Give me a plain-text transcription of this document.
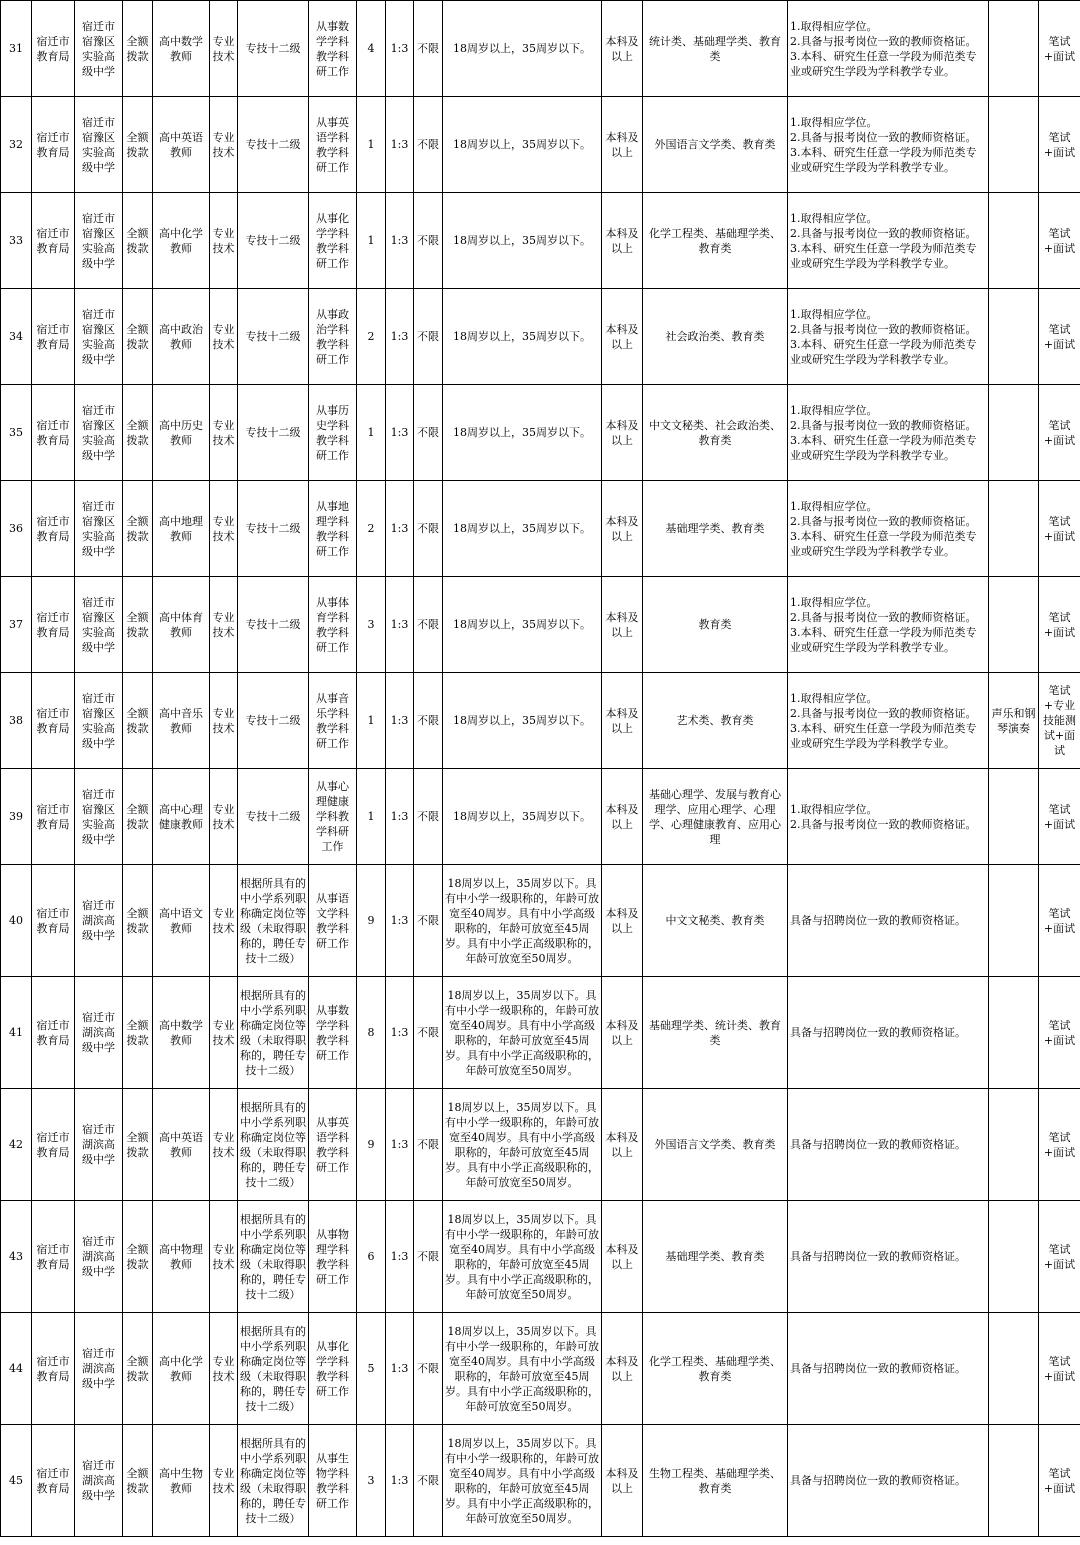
31	宿迁市教育局	宿迁市宿豫区实验高级中学	全额拨款	高中数学教师	专业技术	专技十二级	从事数学学科教学科研工作	4	1:3	不限	18周岁以上，35周岁以下。	本科及以上	统计类、基础理学类、教育类	1.取得相应学位。
2.具备与报考岗位一致的教师资格证。
3.本科、研究生任意一学段为师范类专业或研究生学段为学科教学专业。		笔试+面试
32	宿迁市教育局	宿迁市宿豫区实验高级中学	全额拨款	高中英语教师	专业技术	专技十二级	从事英语学科教学科研工作	1	1:3	不限	18周岁以上，35周岁以下。	本科及以上	外国语言文学类、教育类	1.取得相应学位。
2.具备与报考岗位一致的教师资格证。
3.本科、研究生任意一学段为师范类专业或研究生学段为学科教学专业。		笔试+面试
33	宿迁市教育局	宿迁市宿豫区实验高级中学	全额拨款	高中化学教师	专业技术	专技十二级	从事化学学科教学科研工作	1	1:3	不限	18周岁以上，35周岁以下。	本科及以上	化学工程类、基础理学类、教育类	1.取得相应学位。
2.具备与报考岗位一致的教师资格证。
3.本科、研究生任意一学段为师范类专业或研究生学段为学科教学专业。		笔试+面试
34	宿迁市教育局	宿迁市宿豫区实验高级中学	全额拨款	高中政治教师	专业技术	专技十二级	从事政治学科教学科研工作	2	1:3	不限	18周岁以上，35周岁以下。	本科及以上	社会政治类、教育类	1.取得相应学位。
2.具备与报考岗位一致的教师资格证。
3.本科、研究生任意一学段为师范类专业或研究生学段为学科教学专业。		笔试+面试
35	宿迁市教育局	宿迁市宿豫区实验高级中学	全额拨款	高中历史教师	专业技术	专技十二级	从事历史学科教学科研工作	1	1:3	不限	18周岁以上，35周岁以下。	本科及以上	中文文秘类、社会政治类、教育类	1.取得相应学位。
2.具备与报考岗位一致的教师资格证。
3.本科、研究生任意一学段为师范类专业或研究生学段为学科教学专业。		笔试+面试
36	宿迁市教育局	宿迁市宿豫区实验高级中学	全额拨款	高中地理教师	专业技术	专技十二级	从事地理学科教学科研工作	2	1:3	不限	18周岁以上，35周岁以下。	本科及以上	基础理学类、教育类	1.取得相应学位。
2.具备与报考岗位一致的教师资格证。
3.本科、研究生任意一学段为师范类专业或研究生学段为学科教学专业。		笔试+面试
37	宿迁市教育局	宿迁市宿豫区实验高级中学	全额拨款	高中体育教师	专业技术	专技十二级	从事体育学科教学科研工作	3	1:3	不限	18周岁以上，35周岁以下。	本科及以上	教育类	1.取得相应学位。
2.具备与报考岗位一致的教师资格证。
3.本科、研究生任意一学段为师范类专业或研究生学段为学科教学专业。		笔试+面试
38	宿迁市教育局	宿迁市宿豫区实验高级中学	全额拨款	高中音乐教师	专业技术	专技十二级	从事音乐学科教学科研工作	1	1:3	不限	18周岁以上，35周岁以下。	本科及以上	艺术类、教育类	1.取得相应学位。
2.具备与报考岗位一致的教师资格证。
3.本科、研究生任意一学段为师范类专业或研究生学段为学科教学专业。	声乐和钢琴演奏	笔试+专业技能测试+面试
39	宿迁市教育局	宿迁市宿豫区实验高级中学	全额拨款	高中心理健康教师	专业技术	专技十二级	从事心理健康学科教学科研工作	1	1:3	不限	18周岁以上，35周岁以下。	本科及以上	基础心理学、发展与教育心理学、应用心理学、心理学、心理健康教育、应用心理	1.取得相应学位。
2.具备与报考岗位一致的教师资格证。		笔试+面试
40	宿迁市教育局	宿迁市湖滨高级中学	全额拨款	高中语文教师	专业技术	根据所具有的中小学系列职称确定岗位等级（未取得职称的，聘任专技十二级）	从事语文学科教学科研工作	9	1:3	不限	18周岁以上，35周岁以下。具有中小学一级职称的，年龄可放宽至40周岁。具有中小学高级职称的，年龄可放宽至45周岁。具有中小学正高级职称的，年龄可放宽至50周岁。	本科及以上	中文文秘类、教育类	具备与招聘岗位一致的教师资格证。		笔试+面试
41	宿迁市教育局	宿迁市湖滨高级中学	全额拨款	高中数学教师	专业技术	根据所具有的中小学系列职称确定岗位等级（未取得职称的，聘任专技十二级）	从事数学学科教学科研工作	8	1:3	不限	18周岁以上，35周岁以下。具有中小学一级职称的，年龄可放宽至40周岁。具有中小学高级职称的，年龄可放宽至45周岁。具有中小学正高级职称的，年龄可放宽至50周岁。	本科及以上	基础理学类、统计类、教育类	具备与招聘岗位一致的教师资格证。		笔试+面试
42	宿迁市教育局	宿迁市湖滨高级中学	全额拨款	高中英语教师	专业技术	根据所具有的中小学系列职称确定岗位等级（未取得职称的，聘任专技十二级）	从事英语学科教学科研工作	9	1:3	不限	18周岁以上，35周岁以下。具有中小学一级职称的，年龄可放宽至40周岁。具有中小学高级职称的，年龄可放宽至45周岁。具有中小学正高级职称的，年龄可放宽至50周岁。	本科及以上	外国语言文学类、教育类	具备与招聘岗位一致的教师资格证。		笔试+面试
43	宿迁市教育局	宿迁市湖滨高级中学	全额拨款	高中物理教师	专业技术	根据所具有的中小学系列职称确定岗位等级（未取得职称的，聘任专技十二级）	从事物理学科教学科研工作	6	1:3	不限	18周岁以上，35周岁以下。具有中小学一级职称的，年龄可放宽至40周岁。具有中小学高级职称的，年龄可放宽至45周岁。具有中小学正高级职称的，年龄可放宽至50周岁。	本科及以上	基础理学类、教育类	具备与招聘岗位一致的教师资格证。		笔试+面试
44	宿迁市教育局	宿迁市湖滨高级中学	全额拨款	高中化学教师	专业技术	根据所具有的中小学系列职称确定岗位等级（未取得职称的，聘任专技十二级）	从事化学学科教学科研工作	5	1:3	不限	18周岁以上，35周岁以下。具有中小学一级职称的，年龄可放宽至40周岁。具有中小学高级职称的，年龄可放宽至45周岁。具有中小学正高级职称的，年龄可放宽至50周岁。	本科及以上	化学工程类、基础理学类、教育类	具备与招聘岗位一致的教师资格证。		笔试+面试
45	宿迁市教育局	宿迁市湖滨高级中学	全额拨款	高中生物教师	专业技术	根据所具有的中小学系列职称确定岗位等级（未取得职称的，聘任专技十二级）	从事生物学科教学科研工作	3	1:3	不限	18周岁以上，35周岁以下。具有中小学一级职称的，年龄可放宽至40周岁。具有中小学高级职称的，年龄可放宽至45周岁。具有中小学正高级职称的，年龄可放宽至50周岁。	本科及以上	生物工程类、基础理学类、教育类	具备与招聘岗位一致的教师资格证。		笔试+面试
